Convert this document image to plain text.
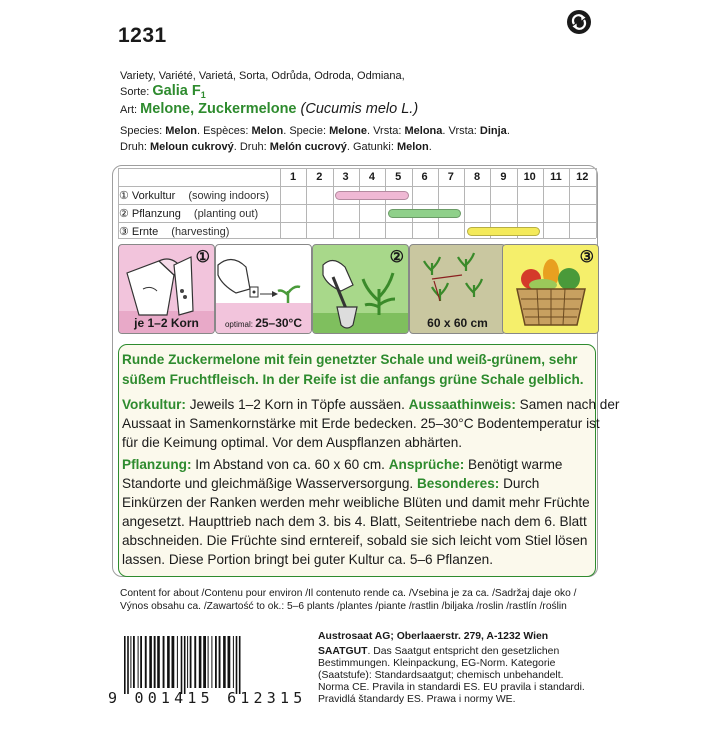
1231
Variety, Variété, Varietá, Sorta, Odrůda, Odroda, Odmiana,
Sorte: Galia $F_1$
Art: Melone, Zuckermelone (Cucumis melo L.)
Species: Melon. Espèces: Melon. Specie: Melone. Vrsta: Melona. Vrsta: Dinja.
Druh: Meloun cukrový. Druh: Melón cucrový. Gatunki: Melon.
1	2	3	4	5	6	7	8	9	10	11	12
① Vorkultur (sowing indoors)
② Pflanzung (planting out)
③ Ernte (harvesting)
①
je 1–2 Korn	optimal: 25–30°C
②
60 x 60 cm
③
Runde Zuckermelone mit fein genetzter Schale und weiß-grünem, sehr
süßem Fruchtfleisch. In der Reife ist die anfangs grüne Schale gelblich.
Vorkultur: Jeweils 1–2 Korn in Töpfe aussäen. Aussaathinweis: Samen nach der
Aussaat in Samenkornstärke mit Erde bedecken. 25–30°C Bodentemperatur ist
für die Keimung optimal. Vor dem Auspflanzen abhärten.
Pflanzung: Im Abstand von ca. 60 x 60 cm. Ansprüche: Benötigt warme
Standorte und gleichmäßige Wasserversorgung. Besonderes: Durch
Einkürzen der Ranken werden mehr weibliche Blüten und damit mehr Früchte
angesetzt. Haupttrieb nach dem 3. bis 4. Blatt, Seitentriebe nach dem 6. Blatt
abschneiden. Die Früchte sind erntereif, sobald sie sich leicht vom Stiel lösen
lassen. Diese Portion bringt bei guter Kultur ca. 5–6 Pflanzen.
Content for about /Contenu pour environ /Il contenuto rende ca. /Vsebina je za ca. /Sadržaj daje oko /
Výnos obsahu ca. /Zawartość to ok.: 5–6 plants /plantes /piante /rastlin /biljaka /roslin /rastlín /roślin
Austrosaat AG; Oberlaaerstr. 279, A-1232 Wien
SAATGUT. Das Saatgut entspricht den gesetzlichen
Bestimmungen. Kleinpackung, EG-Norm. Kategorie
(Saatstufe): Standardsaatgut; chemisch unbehandelt.
Norma CE. Pravila in standardi ES. EU pravila i standardi.
Pravidlá štandardy ES. Prawa i normy WE.
9 001415 612315
